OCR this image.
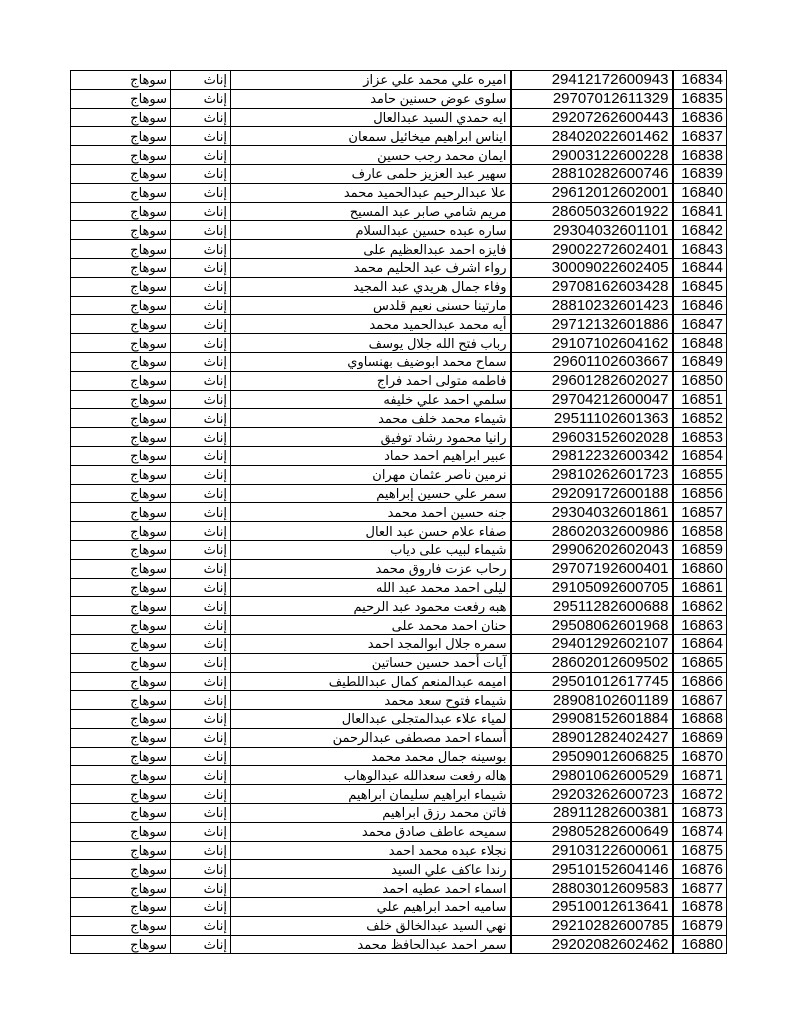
سوهاج	إناث	اميره علي محمد علي عزاز	29412172600943	16834
سوهاج	إناث	سلوى عوض حسنين حامد	29707012611329	16835
سوهاج	إناث	ايه حمدي السيد عبدالعال	29207262600443	16836
سوهاج	إناث	ايناس ابراهيم ميخائيل سمعان	28402022601462	16837
سوهاج	إناث	ايمان محمد رجب حسين	29003122600228	16838
سوهاج	إناث	سهير عبد العزيز حلمى عارف	28810282600746	16839
سوهاج	إناث	علا عبدالرحيم عبدالحميد محمد	29612012602001	16840
سوهاج	إناث	مريم شامي صابر عبد المسيح	28605032601922	16841
سوهاج	إناث	ساره عبده حسين عبدالسلام	29304032601101	16842
سوهاج	إناث	فايزه احمد عبدالعظيم على	29002272602401	16843
سوهاج	إناث	رواء اشرف عبد الحليم محمد	30009022602405	16844
سوهاج	إناث	وفاء جمال هريدي عبد المجيد	29708162603428	16845
سوهاج	إناث	مارتينا حسنى نعيم قلدس	28810232601423	16846
سوهاج	إناث	أيه محمد عبدالحميد محمد	29712132601886	16847
سوهاج	إناث	رباب فتح الله جلال يوسف	29107102604162	16848
سوهاج	إناث	سماح محمد ابوضيف بهنساوي	29601102603667	16849
سوهاج	إناث	فاطمه متولى احمد فراج	29601282602027	16850
سوهاج	إناث	سلمي احمد علي خليفه	29704212600047	16851
سوهاج	إناث	شيماء محمد خلف محمد	29511102601363	16852
سوهاج	إناث	رانيا محمود رشاد توفيق	29603152602028	16853
سوهاج	إناث	عبير ابراهيم احمد حماد	29812232600342	16854
سوهاج	إناث	نرمين ناصر عثمان مهران	29810262601723	16855
سوهاج	إناث	سمر علي حسين إبراهيم	29209172600188	16856
سوهاج	إناث	جنه حسين احمد محمد	29304032601861	16857
سوهاج	إناث	صفاء علام حسن عبد العال	28602032600986	16858
سوهاج	إناث	شيماء لبيب على دياب	29906202602043	16859
سوهاج	إناث	رحاب عزت فاروق محمد	29707192600401	16860
سوهاج	إناث	ليلى احمد محمد عبد الله	29105092600705	16861
سوهاج	إناث	هبه رفعت محمود عبد الرحيم	29511282600688	16862
سوهاج	إناث	حنان احمد محمد على	29508062601968	16863
سوهاج	إناث	سمره جلال ابوالمجد احمد	29401292602107	16864
سوهاج	إناث	آيات أحمد حسين حساتين	28602012609502	16865
سوهاج	إناث	اميمه عبدالمنعم كمال عبداللطيف	29501012617745	16866
سوهاج	إناث	شيماء فتوح سعد محمد	28908102601189	16867
سوهاج	إناث	لمياء علاء عبدالمتجلى عبدالعال	29908152601884	16868
سوهاج	إناث	أسماء احمد مصطفى عبدالرحمن	28901282402427	16869
سوهاج	إناث	بوسينه جمال محمد محمد	29509012606825	16870
سوهاج	إناث	هاله رفعت سعدالله عبدالوهاب	29801062600529	16871
سوهاج	إناث	شيماء ابراهيم سليمان ابراهيم	29203262600723	16872
سوهاج	إناث	فاتن محمد رزق ابراهيم	28911282600381	16873
سوهاج	إناث	سميحه عاطف صادق محمد	29805282600649	16874
سوهاج	إناث	نجلاء عبده محمد احمد	29103122600061	16875
سوهاج	إناث	رندا عاكف علي السيد	29510152604146	16876
سوهاج	إناث	اسماء احمد عطيه احمد	28803012609583	16877
سوهاج	إناث	ساميه احمد ابراهيم علي	29510012613641	16878
سوهاج	إناث	نهي السيد عبدالخالق خلف	29210282600785	16879
سوهاج	إناث	سمر احمد عبدالحافظ محمد	29202082602462	16880
